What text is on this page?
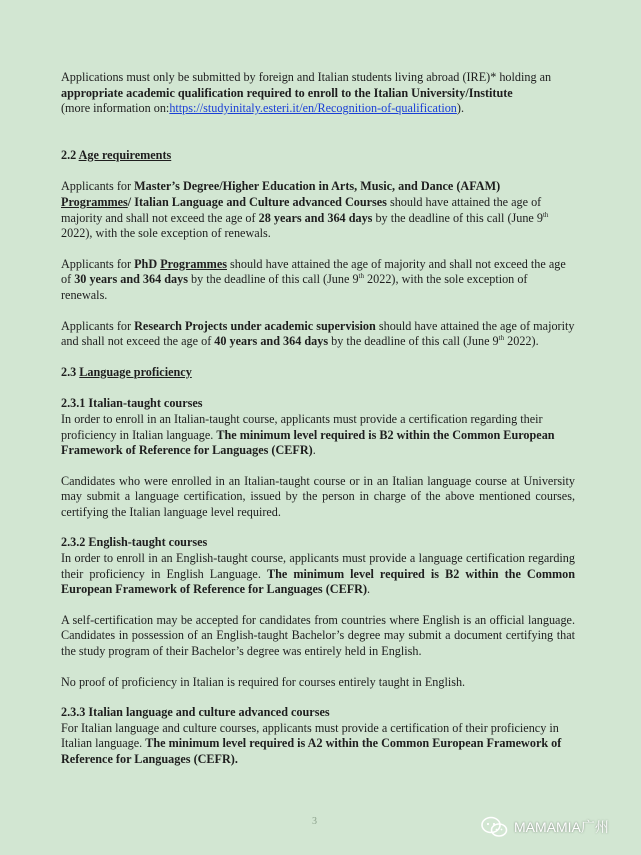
Applications must only be submitted by foreign and Italian students living abroad (IRE)* holding an appropriate academic qualification required to enroll to the Italian University/Institute
(more information on:https://studyinitaly.esteri.it/en/Recognition-of-qualification).

2.2 Age requirements

Applicants for Master’s Degree/Higher Education in Arts, Music, and Dance (AFAM)
Programmes/ Italian Language and Culture advanced Courses should have attained the age of majority and shall not exceed the age of 28 years and 364 days by the deadline of this call (June 9th 2022), with the sole exception of renewals.

Applicants for PhD Programmes should have attained the age of majority and shall not exceed the age of 30 years and 364 days by the deadline of this call (June 9th 2022), with the sole exception of renewals.

Applicants for Research Projects under academic supervision should have attained the age of majority and shall not exceed the age of 40 years and 364 days by the deadline of this call (June 9th 2022).

2.3 Language proficiency

2.3.1 Italian-taught courses

In order to enroll in an Italian-taught course, applicants must provide a certification regarding their proficiency in Italian language. The minimum level required is B2 within the Common European Framework of Reference for Languages (CEFR).

Candidates who were enrolled in an Italian-taught course or in an Italian language course at University may submit a language certification, issued by the person in charge of the above mentioned courses, certifying the Italian language level required.

2.3.2 English-taught courses

In order to enroll in an English-taught course, applicants must provide a language certification regarding their proficiency in English Language. The minimum level required is B2 within the Common European Framework of Reference for Languages (CEFR).

A self-certification may be accepted for candidates from countries where English is an official language. Candidates in possession of an English-taught Bachelor’s degree may submit a document certifying that the study program of their Bachelor’s degree was entirely held in English.

No proof of proficiency in Italian is required for courses entirely taught in English.

2.3.3 Italian language and culture advanced courses

For Italian language and culture courses, applicants must provide a certification of their proficiency in Italian language. The minimum level required is A2 within the Common European Framework of Reference for Languages (CEFR).

3	MAMAMIA广州
